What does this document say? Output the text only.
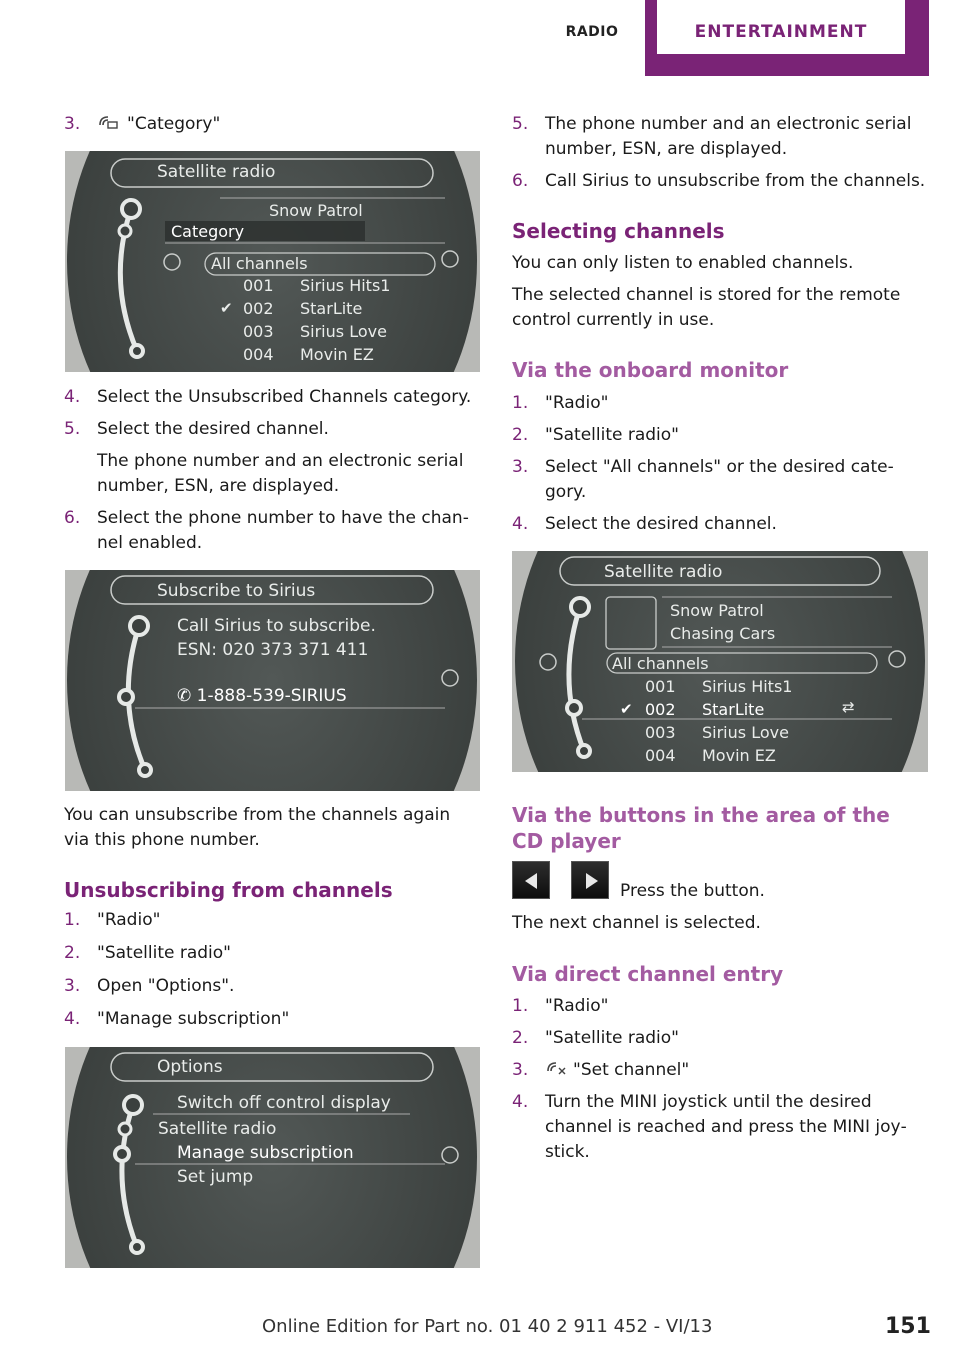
RADIO	ENTERTAINMENT
3.	"Category"
Satellite radio
Snow Patrol
Category
All channels
001 Sirius Hits1
✔ 002 StarLite
003 Sirius Love
004 Movin EZ
4. Select the Unsubscribed Channels category.
5. Select the desired channel.
The phone number and an electronic serial number, ESN, are displayed.
6. Select the phone number to have the chan‐nel enabled.
Subscribe to Sirius
Call Sirius to subscribe.
ESN: 020 373 371 411
✆ 1-888-539-SIRIUS
You can unsubscribe from the channels again via this phone number.
Unsubscribing from channels
1. "Radio"
2. "Satellite radio"
3. Open "Options".
4. "Manage subscription"
Options
Switch off control display
Satellite radio
Manage subscription
Set jump
5. The phone number and an electronic serial number, ESN, are displayed.
6. Call Sirius to unsubscribe from the channels.
Selecting channels
You can only listen to enabled channels.
The selected channel is stored for the remote control currently in use.
Via the onboard monitor
1. "Radio"
2. "Satellite radio"
3. Select "All channels" or the desired cate‐gory.
4. Select the desired channel.
Satellite radio
Snow Patrol
Chasing Cars
All channels
001 Sirius Hits1
✔ 002 StarLite	⇄
003 Sirius Love
004 Movin EZ
Via the buttons in the area of the CD player
Press the button.
The next channel is selected.
Via direct channel entry
1. "Radio"
2. "Satellite radio"
3.	"Set channel"
4. Turn the MINI joystick until the desired channel is reached and press the MINI joy‐stick.
Online Edition for Part no. 01 40 2 911 452 - VI/13	151
